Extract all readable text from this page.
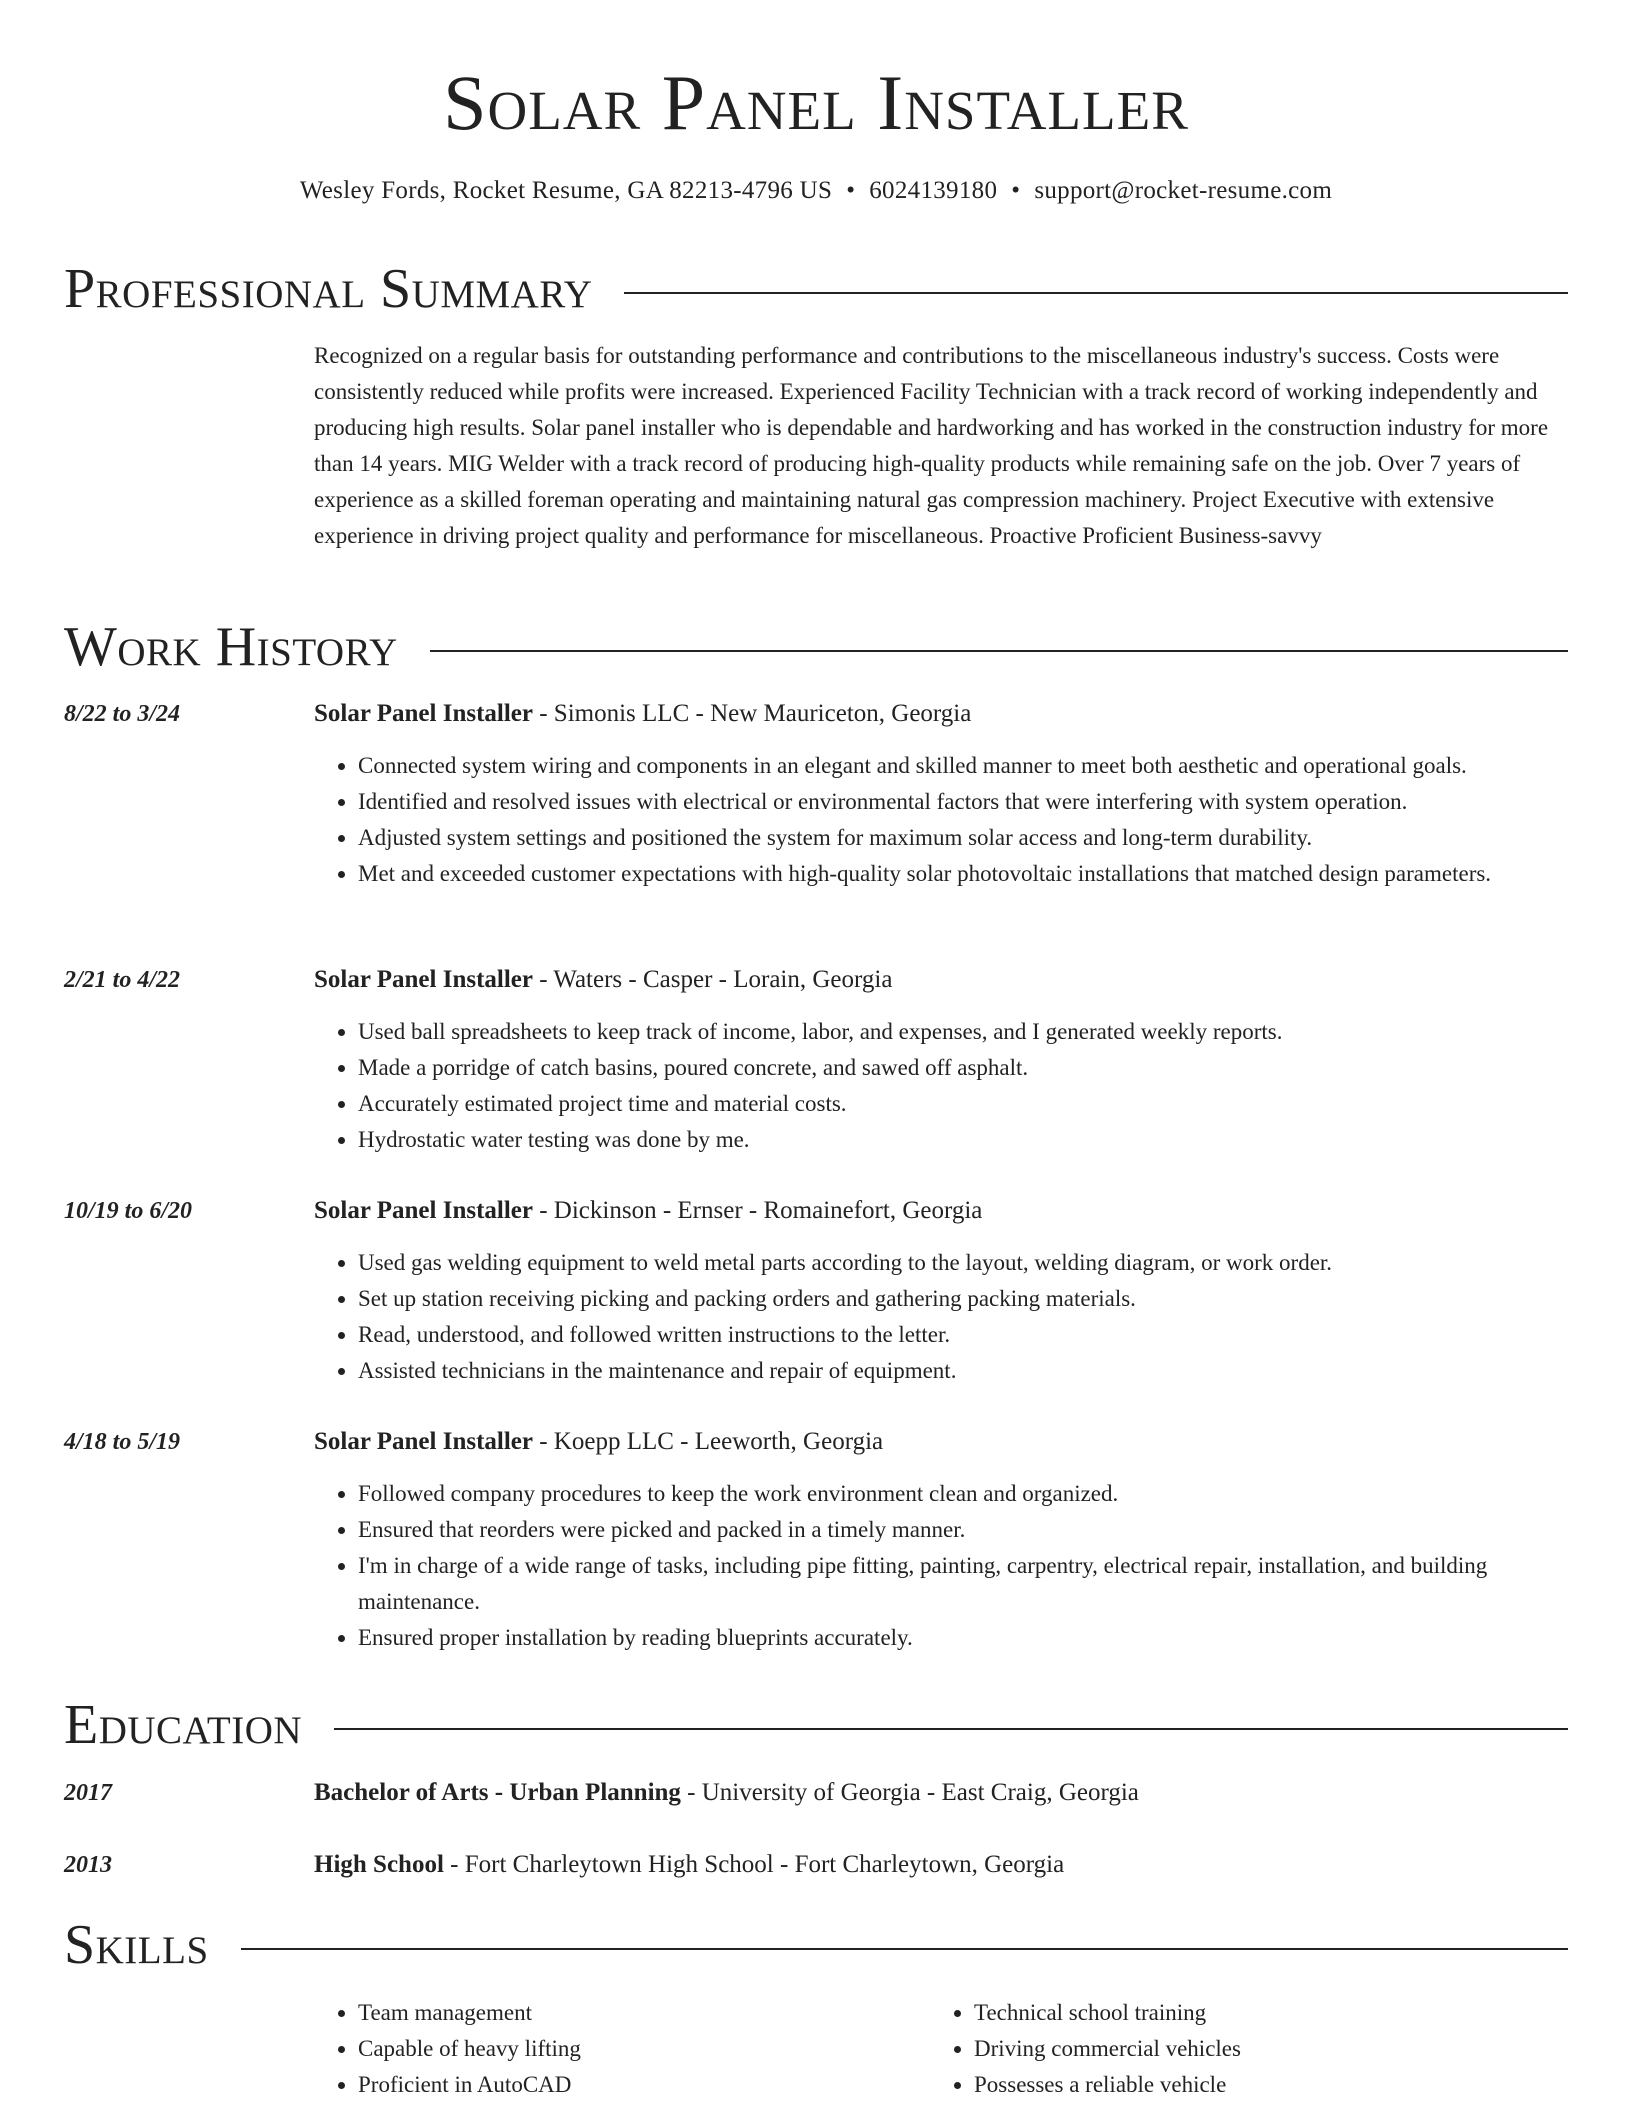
Solar Panel Installer
Wesley Fords, Rocket Resume, GA 82213-4796 US • 6024139180 • support@rocket-resume.com
Professional Summary

Recognized on a regular basis for outstanding performance and contributions to the miscellaneous industry's success. Costs were consistently reduced while profits were increased. Experienced Facility Technician with a track record of working independently and producing high results. Solar panel installer who is dependable and hardworking and has worked in the construction industry for more than 14 years. MIG Welder with a track record of producing high-quality products while remaining safe on the job. Over 7 years of experience as a skilled foreman operating and maintaining natural gas compression machinery. Project Executive with extensive experience in driving project quality and performance for miscellaneous. Proactive Proficient Business-savvy

Work History
8/22 to 3/24	Solar Panel Installer - Simonis LLC - New Mauriceton, Georgia
• Connected system wiring and components in an elegant and skilled manner to meet both aesthetic and operational goals.
• Identified and resolved issues with electrical or environmental factors that were interfering with system operation.
• Adjusted system settings and positioned the system for maximum solar access and long-term durability.
• Met and exceeded customer expectations with high-quality solar photovoltaic installations that matched design parameters.
2/21 to 4/22	Solar Panel Installer - Waters - Casper - Lorain, Georgia
• Used ball spreadsheets to keep track of income, labor, and expenses, and I generated weekly reports.
• Made a porridge of catch basins, poured concrete, and sawed off asphalt.
• Accurately estimated project time and material costs.
• Hydrostatic water testing was done by me.
10/19 to 6/20	Solar Panel Installer - Dickinson - Ernser - Romainefort, Georgia
• Used gas welding equipment to weld metal parts according to the layout, welding diagram, or work order.
• Set up station receiving picking and packing orders and gathering packing materials.
• Read, understood, and followed written instructions to the letter.
• Assisted technicians in the maintenance and repair of equipment.
4/18 to 5/19	Solar Panel Installer - Koepp LLC - Leeworth, Georgia
• Followed company procedures to keep the work environment clean and organized.
• Ensured that reorders were picked and packed in a timely manner.
• I'm in charge of a wide range of tasks, including pipe fitting, painting, carpentry, electrical repair, installation, and building maintenance.
• Ensured proper installation by reading blueprints accurately.
Education
2017	Bachelor of Arts - Urban Planning - University of Georgia - East Craig, Georgia
2013	High School - Fort Charleytown High School - Fort Charleytown, Georgia
Skills
• Team management
• Capable of heavy lifting
• Proficient in AutoCAD
• Technical school training
• Driving commercial vehicles
• Possesses a reliable vehicle
